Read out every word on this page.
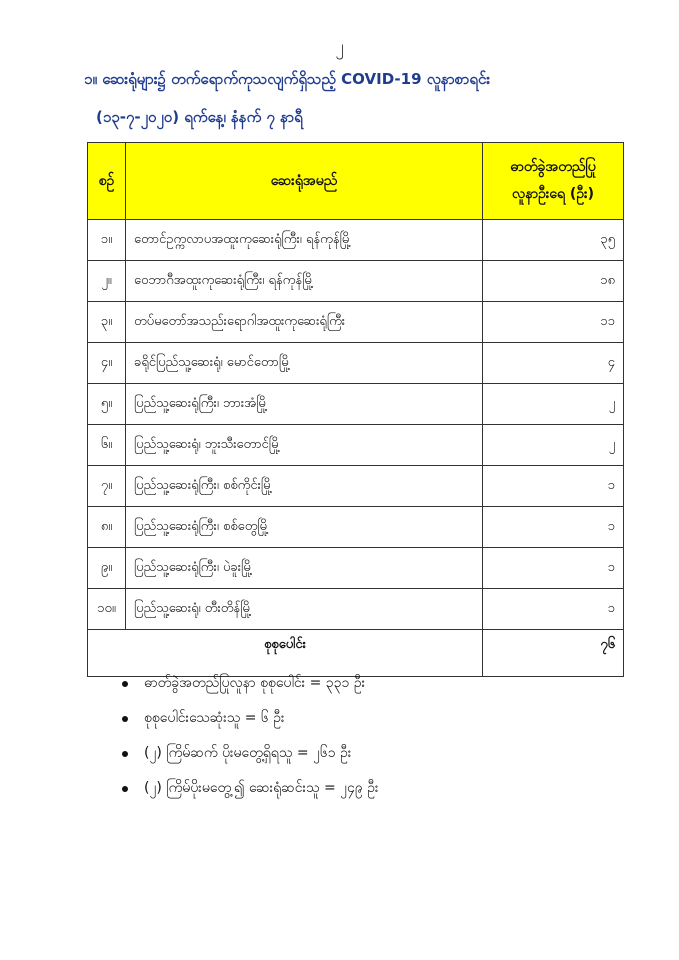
၂
၁။ ဆေးရုံများ၌ တက်ရောက်ကုသလျက်ရှိသည့် COVID-19 လူနာစာရင်း
(၁၃-၇-၂၀၂၀) ရက်နေ့၊ နံနက် ၇ နာရီ
စဉ်	ဆေးရုံအမည်	ဓာတ်ခွဲအတည်ပြု
လူနာဦးရေ (ဦး)

၁။	တောင်ဥက္ကလာပအထူးကုဆေးရုံကြီး၊ ရန်ကုန်မြို့	၃၅
၂။	ဝေဘာဂီအထူးကုဆေးရုံကြီး၊ ရန်ကုန်မြို့	၁၈
၃။	တပ်မတော်အသည်းရောဂါအထူးကုဆေးရုံကြီး	၁၁
၄။	ခရိုင်ပြည်သူ့ဆေးရုံ၊ မောင်တောမြို့	၄
၅။	ပြည်သူ့ဆေးရုံကြီး၊ ဘားအံမြို့	၂
၆။	ပြည်သူ့ဆေးရုံ၊ ဘူးသီးတောင်မြို့	၂
၇။	ပြည်သူ့ဆေးရုံကြီး၊ စစ်ကိုင်းမြို့	၁
၈။	ပြည်သူ့ဆေးရုံကြီး၊ စစ်တွေမြို့	၁
၉။	ပြည်သူ့ဆေးရုံကြီး၊ ပဲခူးမြို့	၁
၁၀။	ပြည်သူ့ဆေးရုံ၊ တီးတိန်မြို့	၁
စုစုပေါင်း		၇၆
ဓာတ်ခွဲအတည်ပြုလူနာ စုစုပေါင်း = ၃၃၁ ဦး
စုစုပေါင်းသေဆုံးသူ = ၆ ဦး
(၂) ကြိမ်ဆက် ပိုးမတွေ့ရှိရသူ = ၂၆၁ ဦး
(၂) ကြိမ်ပိုးမတွေ့၍ ဆေးရုံဆင်းသူ = ၂၄၉ ဦး
